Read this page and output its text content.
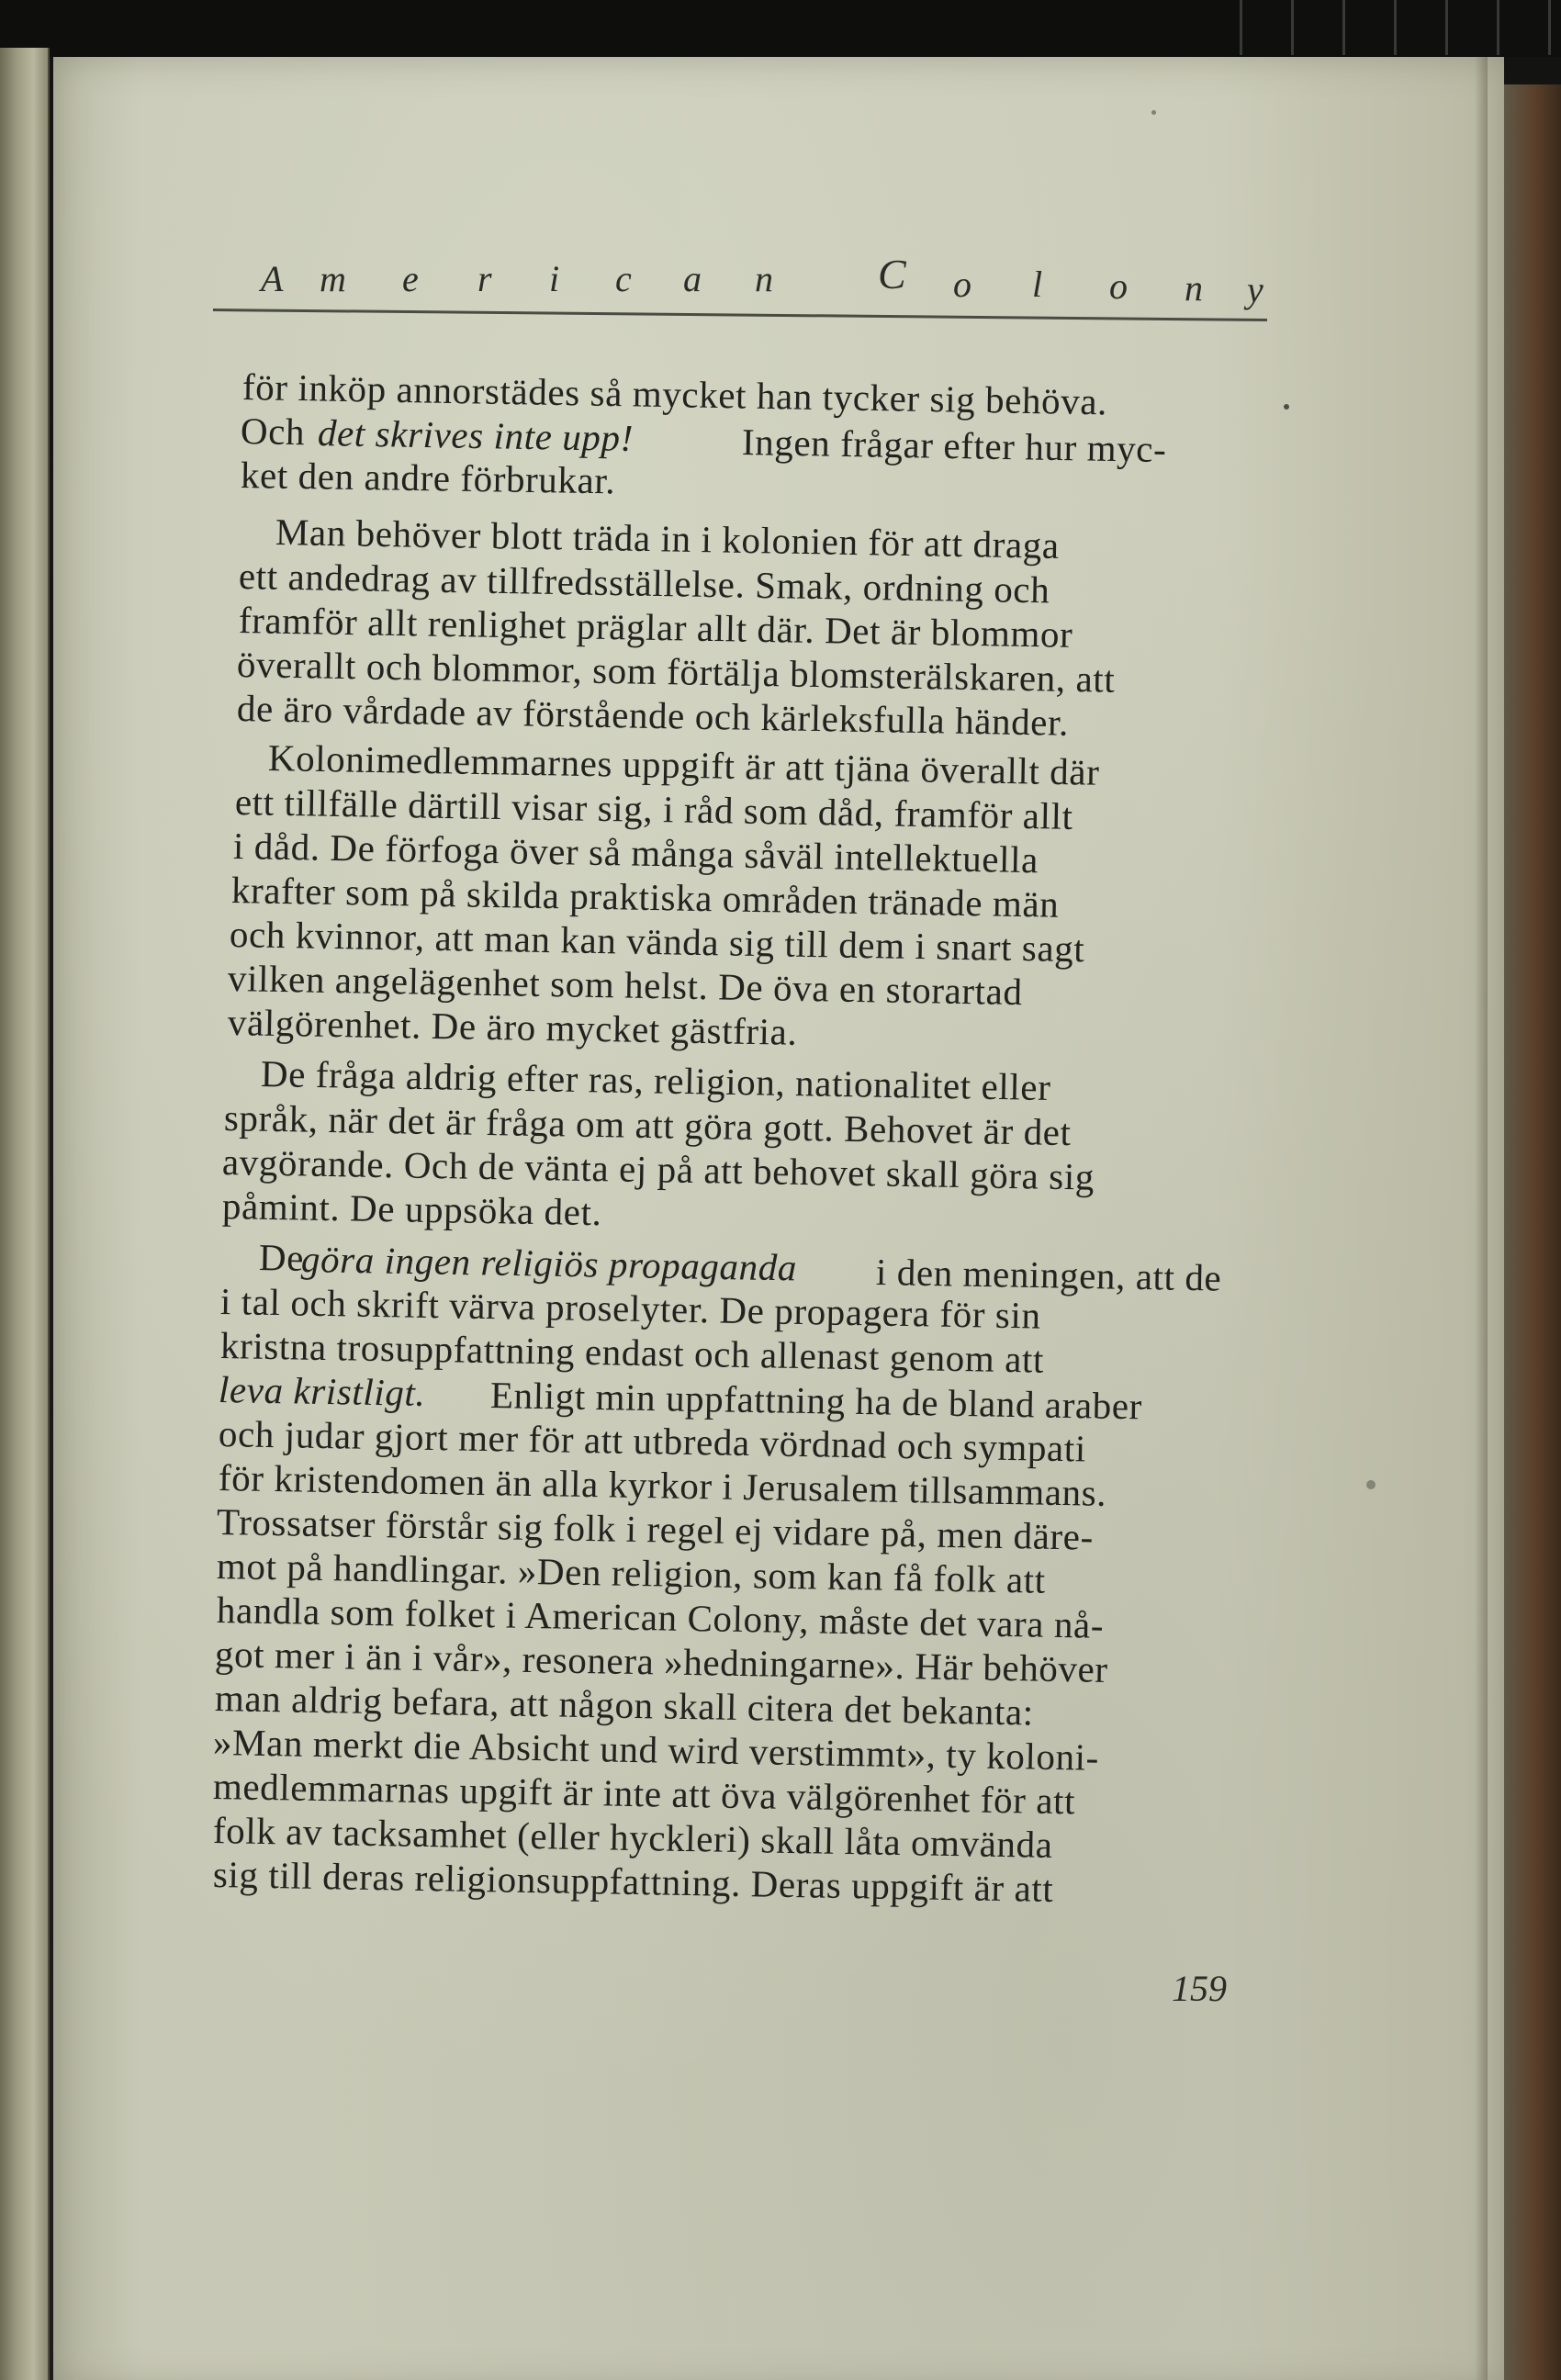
A m e r i c a n C o l o n y
för inköp annorstädes så mycket han tycker sig behöva.
Och det skrives inte upp!	Ingen frågar efter hur myc-
ket den andre förbrukar.
Man behöver blott träda in i kolonien för att draga
ett andedrag av tillfredsställelse. Smak, ordning och
framför allt renlighet präglar allt där. Det är blommor
överallt och blommor, som förtälja blomsterälskaren, att
de äro vårdade av förstående och kärleksfulla händer.
Kolonimedlemmarnes uppgift är att tjäna överallt där
ett tillfälle därtill visar sig, i råd som dåd, framför allt
i dåd. De förfoga över så många såväl intellektuella
krafter som på skilda praktiska områden tränade män
och kvinnor, att man kan vända sig till dem i snart sagt
vilken angelägenhet som helst. De öva en storartad
välgörenhet. De äro mycket gästfria.
De fråga aldrig efter ras, religion, nationalitet eller
språk, när det är fråga om att göra gott. Behovet är det
avgörande. Och de vänta ej på att behovet skall göra sig
påmint. De uppsöka det.
De
göra ingen religiös propaganda i den meningen, att de
i tal och skrift värva proselyter. De propagera för sin
kristna trosuppfattning endast och allenast genom att
leva kristligt. Enligt min uppfattning ha de bland araber
och judar gjort mer för att utbreda vördnad och sympati
för kristendomen än alla kyrkor i Jerusalem tillsammans.
Trossatser förstår sig folk i regel ej vidare på, men däre-
mot på handlingar. »Den religion, som kan få folk att
handla som folket i American Colony, måste det vara nå-
got mer i än i vår», resonera »hedningarne». Här behöver
man aldrig befara, att någon skall citera det bekanta:
»Man merkt die Absicht und wird verstimmt», ty koloni-
medlemmarnas upgift är inte att öva välgörenhet för att
folk av tacksamhet (eller hyckleri) skall låta omvända
sig till deras religionsuppfattning. Deras uppgift är att
159
